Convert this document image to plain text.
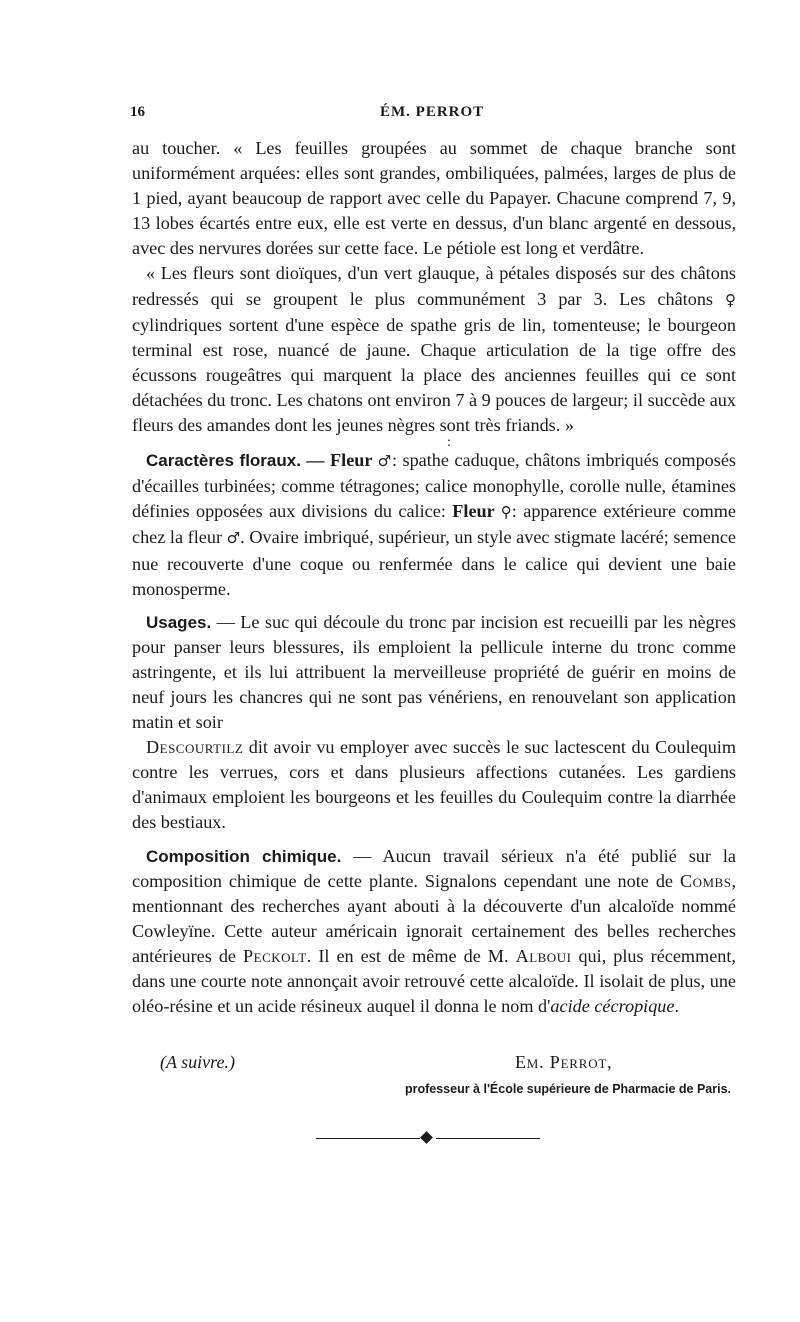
16	ÉM. PERROT

au toucher. « Les feuilles groupées au sommet de chaque branche sont uniformément arquées: elles sont grandes, ombiliquées, palmées, larges de plus de 1 pied, ayant beaucoup de rapport avec celle du Papayer. Chacune comprend 7, 9, 13 lobes écartés entre eux, elle est verte en dessus, d'un blanc argenté en dessous, avec des nervures dorées sur cette face. Le pétiole est long et verdâtre.

« Les fleurs sont dioïques, d'un vert glauque, à pétales disposés sur des châtons redressés qui se groupent le plus communément 3 par 3. Les châtons ♀ cylindriques sortent d'une espèce de spathe gris de lin, tomenteuse; le bourgeon terminal est rose, nuancé de jaune. Chaque articulation de la tige offre des écussons rougeâtres qui marquent la place des anciennes feuilles qui ce sont détachées du tronc. Les chatons ont environ 7 à 9 pouces de largeur; il succède aux fleurs des amandes dont les jeunes nègres sont très friands. »

:

Caractères floraux. — Fleur ♂: spathe caduque, châtons imbriqués composés d'écailles turbinées; comme tétragones; calice monophylle, corolle nulle, étamines définies opposées aux divisions du calice: Fleur ⚲: apparence extérieure comme chez la fleur ♂. Ovaire imbriqué, supérieur, un style avec stigmate lacéré; semence nue recouverte d'une coque ou renfermée dans le calice qui devient une baie monosperme.

Usages. — Le suc qui découle du tronc par incision est recueilli par les nègres pour panser leurs blessures, ils emploient la pellicule interne du tronc comme astringente, et ils lui attribuent la merveilleuse propriété de guérir en moins de neuf jours les chancres qui ne sont pas vénériens, en renouvelant son application matin et soir

Descourtilz dit avoir vu employer avec succès le suc lactescent du Coulequim contre les verrues, cors et dans plusieurs affections cutanées. Les gardiens d'animaux emploient les bourgeons et les feuilles du Coulequim contre la diarrhée des bestiaux.

Composition chimique. — Aucun travail sérieux n'a été publié sur la composition chimique de cette plante. Signalons cependant une note de Combs, mentionnant des recherches ayant abouti à la découverte d'un alcaloïde nommé Cowleyïne. Cette auteur américain ignorait certainement des belles recherches antérieures de Peckolt. Il en est de même de M. Alboui qui, plus récemment, dans une courte note annonçait avoir retrouvé cette alcaloïde. Il isolait de plus, une oléo-résine et un acide résineux auquel il donna le nom d'acide cécropique.

(A suivre.)	Em. Perrot,
professeur à l'École supérieure de Pharmacie de Paris.
